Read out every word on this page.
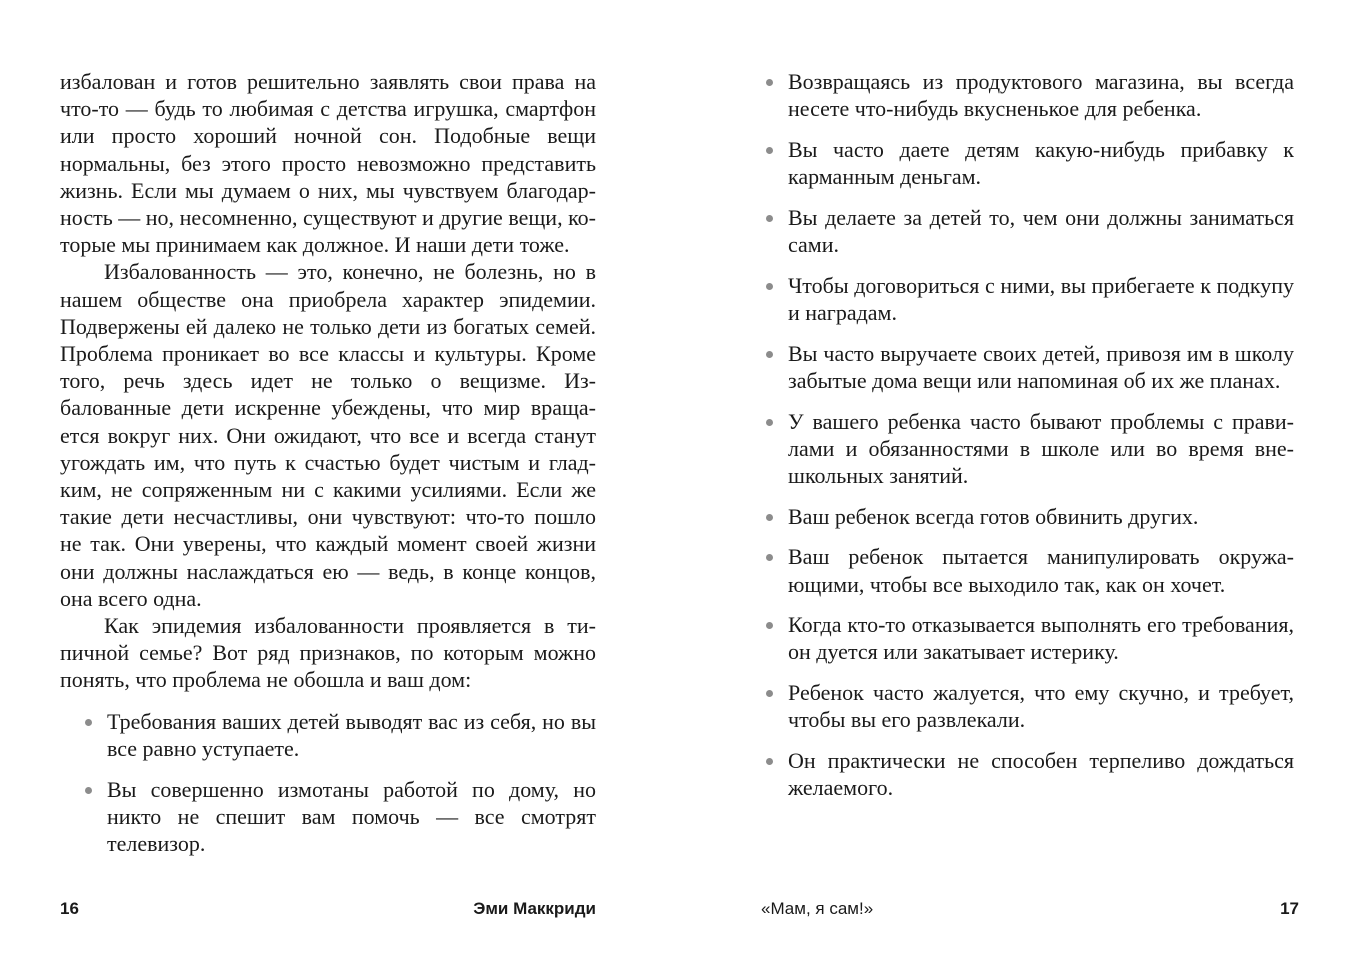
избалован и готов решительно заявлять свои права на что-то — будь то любимая с детства игрушка, смартфон или просто хороший ночной сон. Подобные вещи нормальны, без этого просто невозможно представить жизнь. Если мы думаем о них, мы чувствуем благодарность — но, несомненно, существуют и другие вещи, которые мы принимаем как должное. И наши дети тоже.

Избалованность — это, конечно, не болезнь, но в нашем обществе она приобрела характер эпидемии. Подвержены ей далеко не только дети из богатых семей. Проблема проникает во все классы и культуры. Кроме того, речь здесь идет не только о вещизме. Избалованные дети искренне убеждены, что мир вращается вокруг них. Они ожидают, что все и всегда станут угождать им, что путь к счастью будет чистым и гладким, не сопряженным ни с какими усилиями. Если же такие дети несчастливы, они чувствуют: что-то пошло не так. Они уверены, что каждый момент своей жизни они должны наслаждаться ею — ведь, в конце концов, она всего одна.

Как эпидемия избалованности проявляется в типичной семье? Вот ряд признаков, по которым можно понять, что проблема не обошла и ваш дом:

Требования ваших детей выводят вас из себя, но вы все равно уступаете.
Вы совершенно измотаны работой по дому, но никто не спешит вам помочь — все смотрят телевизор.
16	Эми Маккриди
Возвращаясь из продуктового магазина, вы всегда несете что-нибудь вкусненькое для ребенка.
Вы часто даете детям какую-нибудь прибавку к карманным деньгам.
Вы делаете за детей то, чем они должны заниматься сами.
Чтобы договориться с ними, вы прибегаете к подкупу и наградам.
Вы часто выручаете своих детей, привозя им в школу забытые дома вещи или напоминая об их же планах.
У вашего ребенка часто бывают проблемы с правилами и обязанностями в школе или во время внешкольных занятий.
Ваш ребенок всегда готов обвинить других.
Ваш ребенок пытается манипулировать окружающими, чтобы все выходило так, как он хочет.
Когда кто-то отказывается выполнять его требования, он дуется или закатывает истерику.
Ребенок часто жалуется, что ему скучно, и требует, чтобы вы его развлекали.
Он практически не способен терпеливо дождаться желаемого.
«Мам, я сам!»	17
